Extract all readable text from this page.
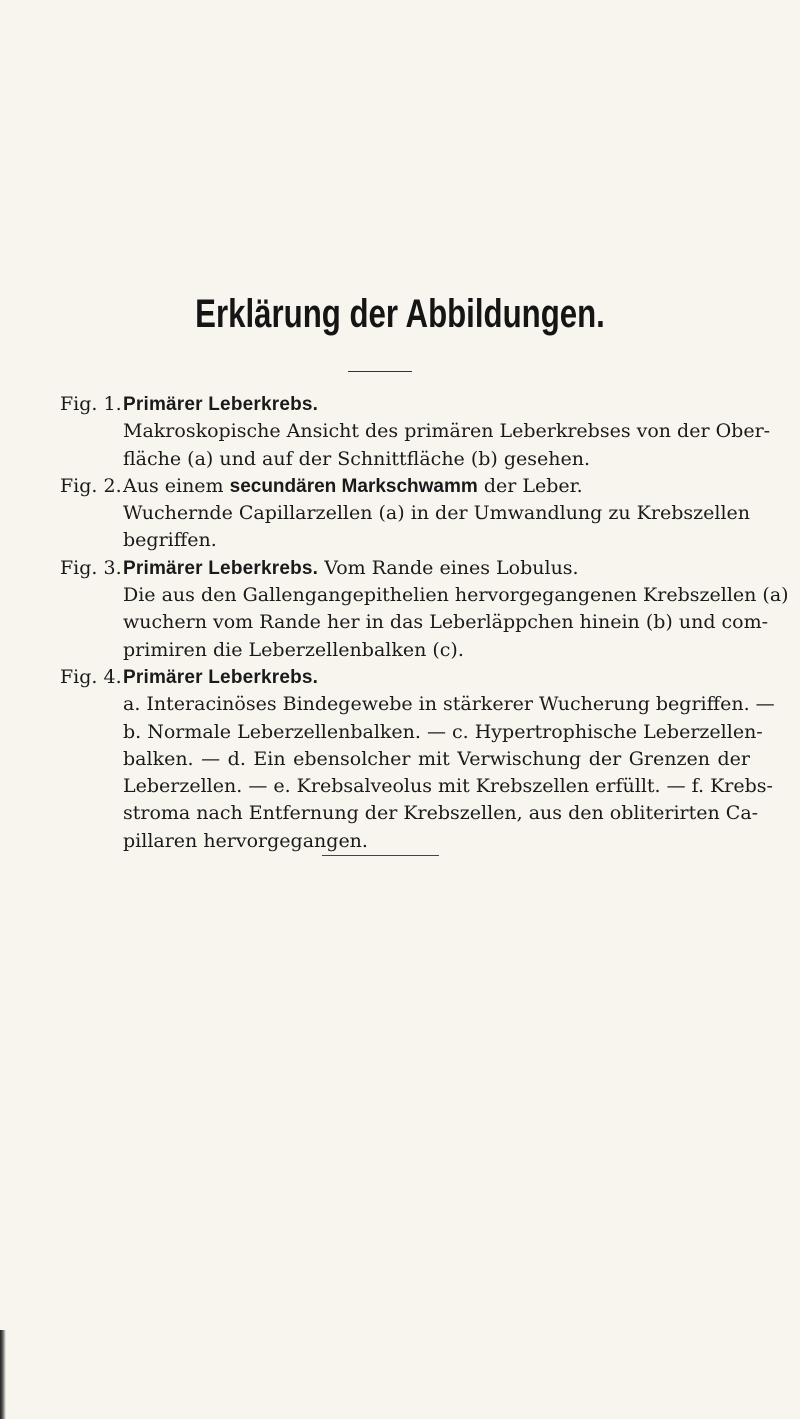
Erklärung der Abbildungen.
Fig. 1. Primärer Leberkrebs.
Makroskopische Ansicht des primären Leberkrebses von der Ober-
fläche (a) und auf der Schnittfläche (b) gesehen.
Fig. 2. Aus einem secundären Markschwamm der Leber.
Wuchernde Capillarzellen (a) in der Umwandlung zu Krebszellen
begriffen.
Fig. 3. Primärer Leberkrebs. Vom Rande eines Lobulus.
Die aus den Gallengangepithelien hervorgegangenen Krebszellen (a)
wuchern vom Rande her in das Leberläppchen hinein (b) und com-
primiren die Leberzellenbalken (c).
Fig. 4. Primärer Leberkrebs.
a. Interacinöses Bindegewebe in stärkerer Wucherung begriffen. —
b. Normale Leberzellenbalken. — c. Hypertrophische Leberzellen-
balken. — d. Ein ebensolcher mit Verwischung der Grenzen der
Leberzellen. — e. Krebsalveolus mit Krebszellen erfüllt. — f. Krebs-
stroma nach Entfernung der Krebszellen, aus den obliterirten Ca-
pillaren hervorgegangen.
